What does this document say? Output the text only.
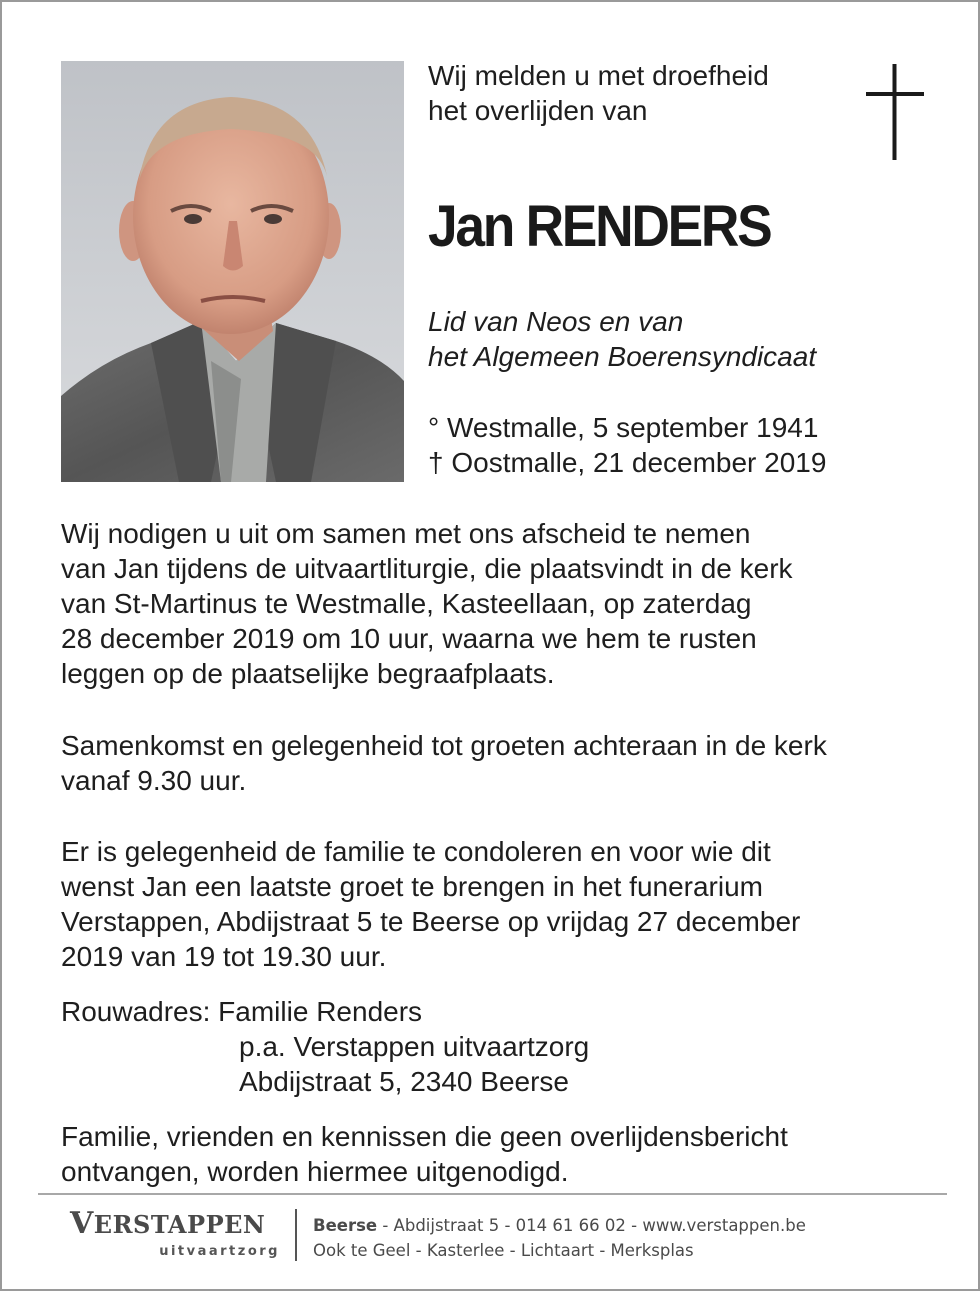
Wij melden u met droefheid
het overlijden van
Jan RENDERS
Lid van Neos en van
het Algemeen Boerensyndicaat
° Westmalle, 5 september 1941
† Oostmalle, 21 december 2019
Wij nodigen u uit om samen met ons afscheid te nemen
van Jan tijdens de uitvaartliturgie, die plaatsvindt in de kerk
van St-Martinus te Westmalle, Kasteellaan, op zaterdag
28 december 2019 om 10 uur, waarna we hem te rusten
leggen op de plaatselijke begraafplaats.
Samenkomst en gelegenheid tot groeten achteraan in de kerk
vanaf 9.30 uur.
Er is gelegenheid de familie te condoleren en voor wie dit
wenst Jan een laatste groet te brengen in het funerarium
Verstappen, Abdijstraat 5 te Beerse op vrijdag 27 december
2019 van 19 tot 19.30 uur.
Rouwadres: Familie Renders
p.a. Verstappen uitvaartzorg
Abdijstraat 5, 2340 Beerse
Familie, vrienden en kennissen die geen overlijdensbericht
ontvangen, worden hiermee uitgenodigd.
VERSTAPPEN
uitvaartzorg
Beerse - Abdijstraat 5 - 014 61 66 02 - www.verstappen.be
Ook te Geel - Kasterlee - Lichtaart - Merksplas
